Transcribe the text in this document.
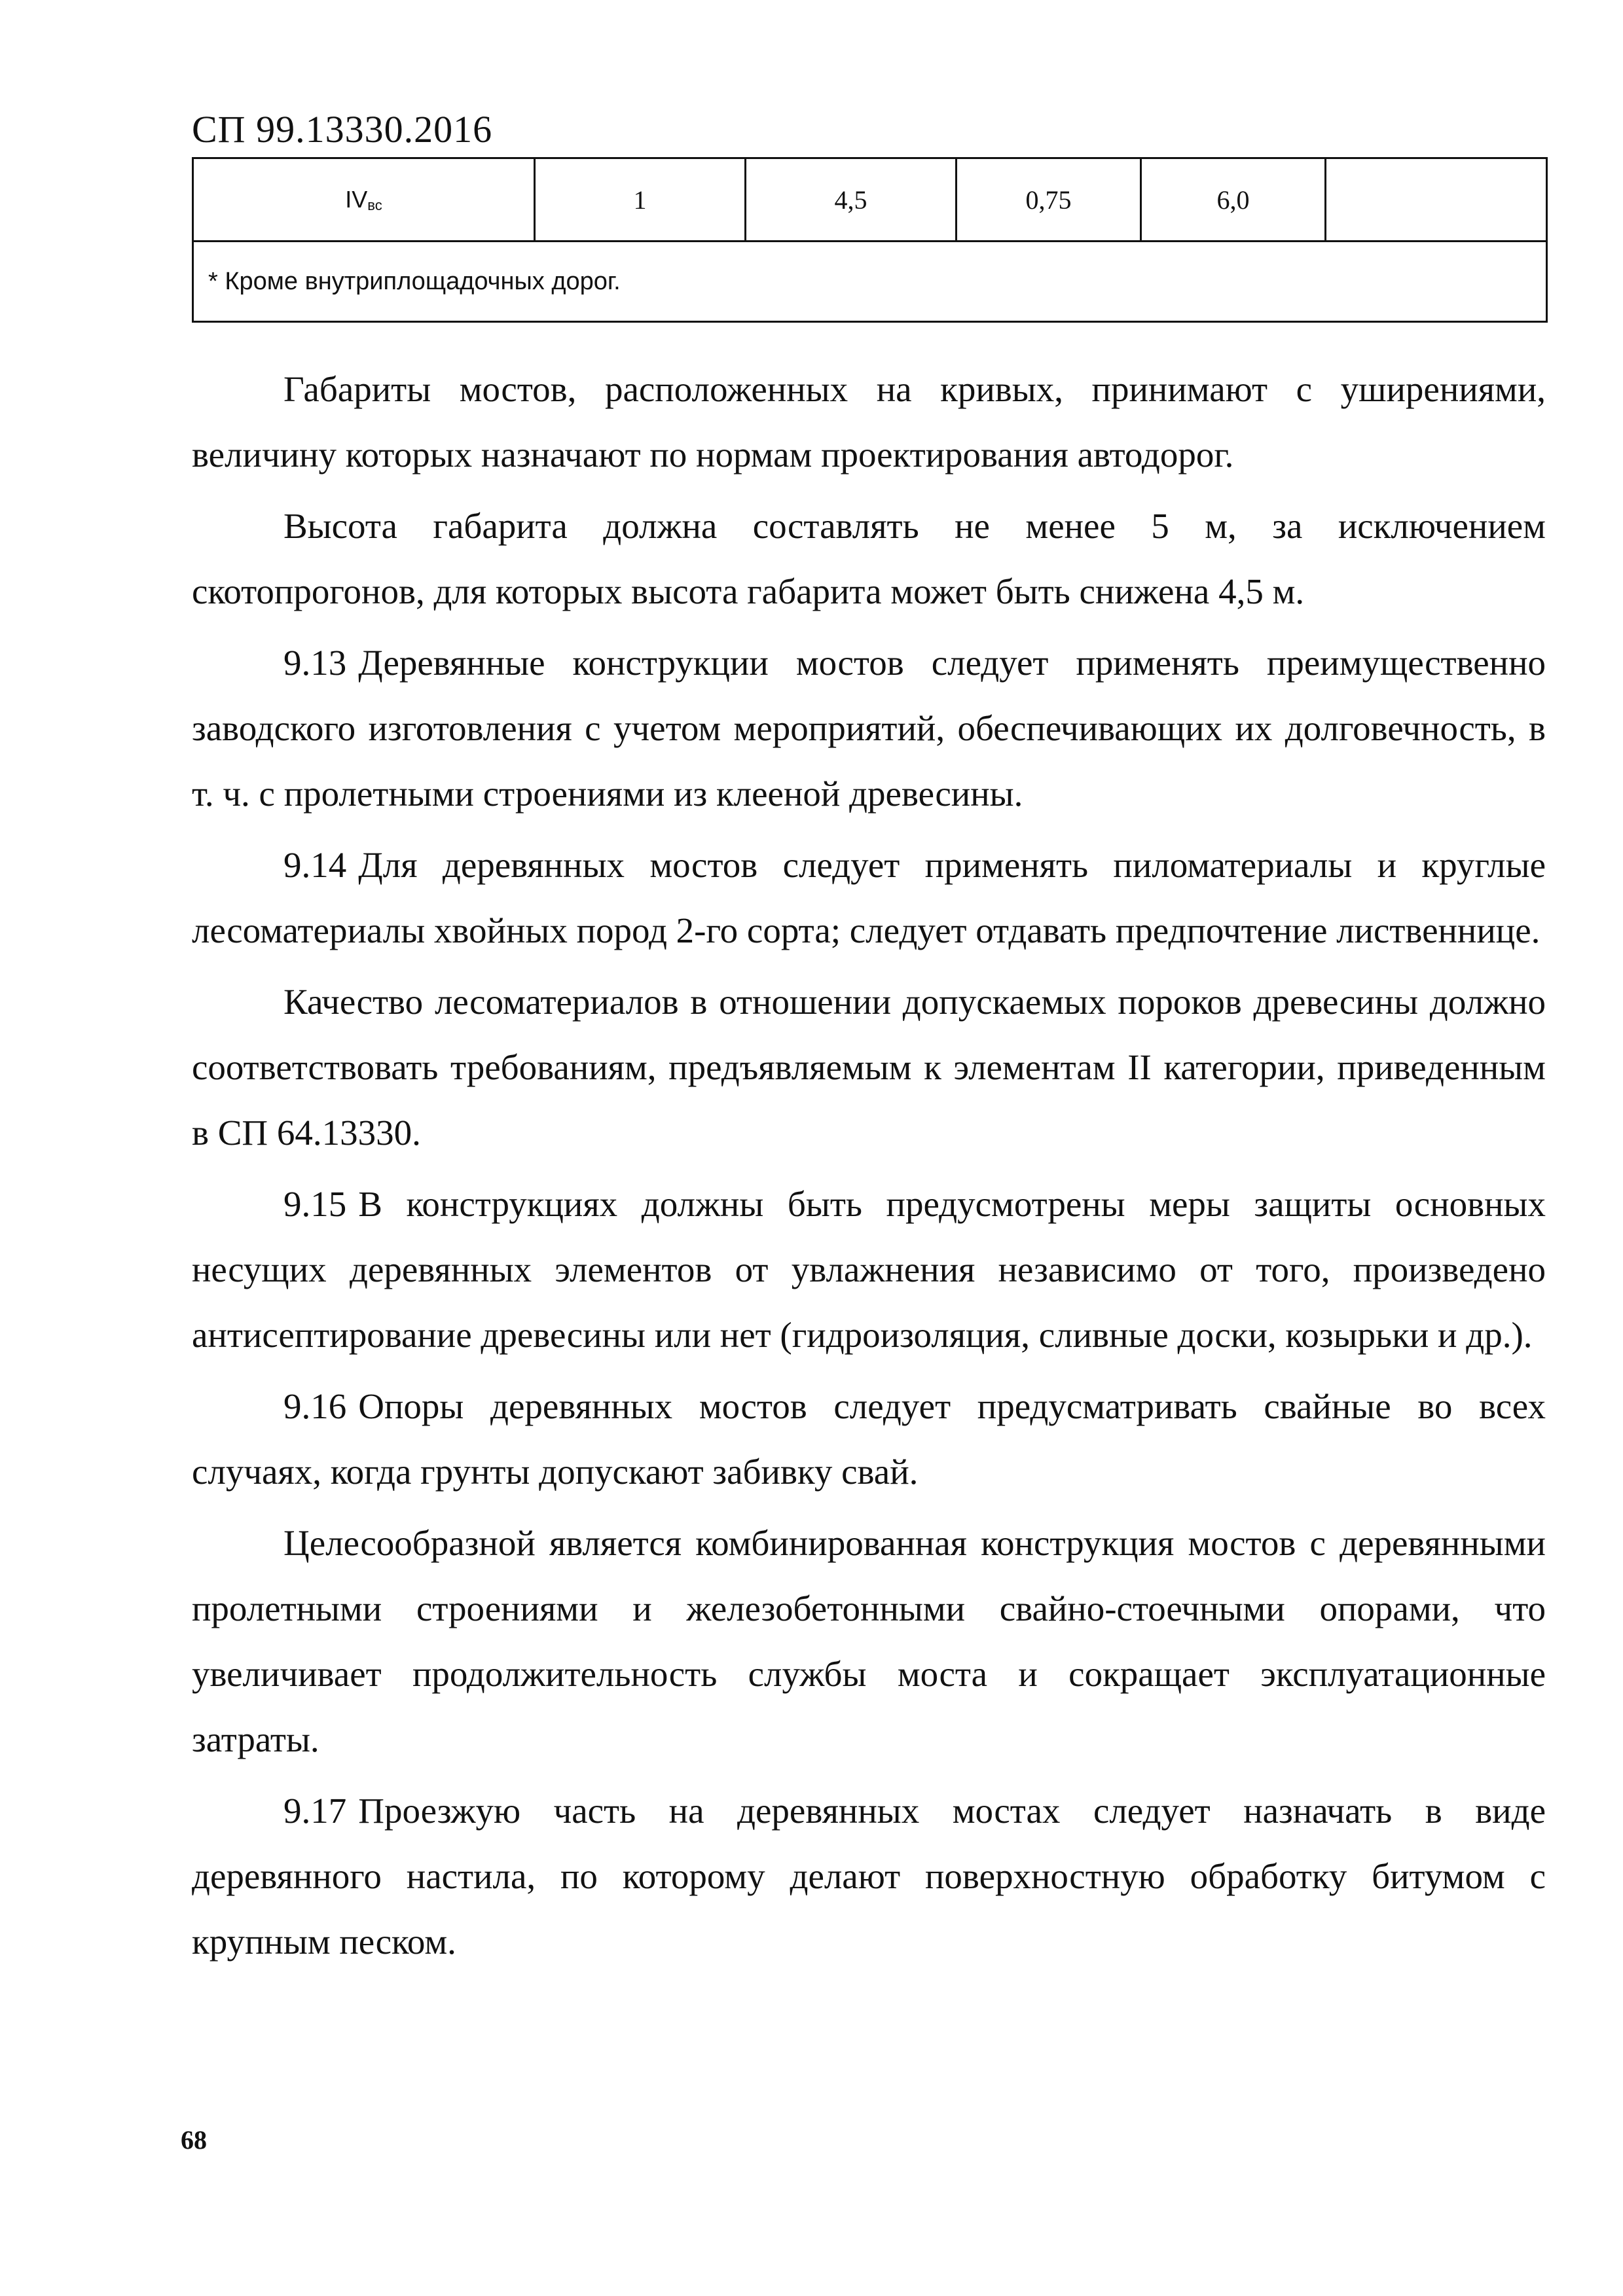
СП 99.13330.2016
IVвс	1	4,5	0,75	6,0	
* Кроме внутриплощадочных дорог.

Габариты мостов, расположенных на кривых, принимают с уширениями, величину которых назначают по нормам проектирования автодорог.

Высота габарита должна составлять не менее 5 м, за исключением скотопрогонов, для которых высота габарита может быть снижена 4,5 м.

9.13 Деревянные конструкции мостов следует применять преимущественно заводского изготовления с учетом мероприятий, обеспечивающих их долговечность, в т. ч. с пролетными строениями из клееной древесины.

9.14 Для деревянных мостов следует применять пиломатериалы и круглые лесоматериалы хвойных пород 2-го сорта; следует отдавать предпочтение лиственнице.

Качество лесоматериалов в отношении допускаемых пороков древесины должно соответствовать требованиям, предъявляемым к элементам II категории, приведенным в СП 64.13330.

9.15 В конструкциях должны быть предусмотрены меры защиты основных несущих деревянных элементов от увлажнения независимо от того, произведено антисептирование древесины или нет (гидроизоляция, сливные доски, козырьки и др.).

9.16 Опоры деревянных мостов следует предусматривать свайные во всех случаях, когда грунты допускают забивку свай.

Целесообразной является комбинированная конструкция мостов с деревянными пролетными строениями и железобетонными свайно-стоечными опорами, что увеличивает продолжительность службы моста и сокращает эксплуатационные затраты.

9.17 Проезжую часть на деревянных мостах следует назначать в виде деревянного настила, по которому делают поверхностную обработку битумом с крупным песком.

68
